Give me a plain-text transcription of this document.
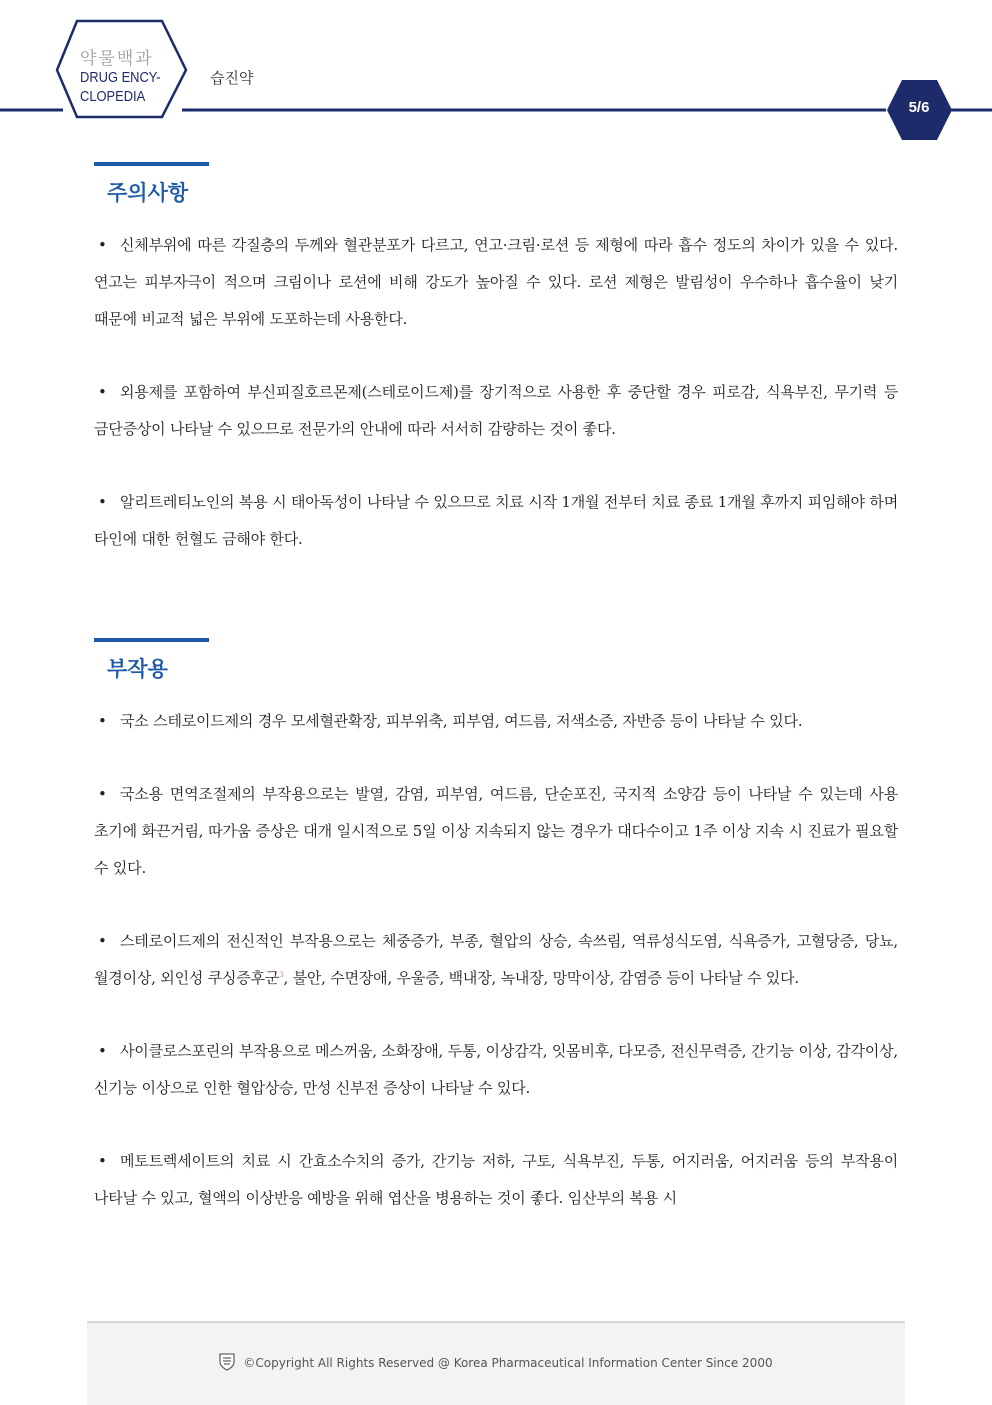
약물백과
DRUG ENCY-
CLOPEDIA
습진약
5/6
주의사항

• 신체부위에 따른 각질층의 두께와 혈관분포가 다르고, 연고·크림·로션 등 제형에 따라 흡수 정도의 차이가 있을 수 있다. 연고는 피부자극이 적으며 크림이나 로션에 비해 강도가 높아질 수 있다. 로션 제형은 발림성이 우수하나 흡수율이 낮기 때문에 비교적 넓은 부위에 도포하는데 사용한다.

• 외용제를 포함하여 부신피질호르몬제(스테로이드제)를 장기적으로 사용한 후 중단할 경우 피로감, 식욕부진, 무기력 등 금단증상이 나타날 수 있으므로 전문가의 안내에 따라 서서히 감량하는 것이 좋다.

• 알리트레티노인의 복용 시 태아독성이 나타날 수 있으므로 치료 시작 1개월 전부터 치료 종료 1개월 후까지 피임해야 하며 타인에 대한 헌혈도 금해야 한다.

부작용

• 국소 스테로이드제의 경우 모세혈관확장, 피부위축, 피부염, 여드름, 저색소증, 자반증 등이 나타날 수 있다.

• 국소용 면역조절제의 부작용으로는 발열, 감염, 피부염, 여드름, 단순포진, 국지적 소양감 등이 나타날 수 있는데 사용 초기에 화끈거림, 따가움 증상은 대개 일시적으로 5일 이상 지속되지 않는 경우가 대다수이고 1주 이상 지속 시 진료가 필요할 수 있다.

• 스테로이드제의 전신적인 부작용으로는 체중증가, 부종, 혈압의 상승, 속쓰림, 역류성식도염, 식욕증가, 고혈당증, 당뇨, 월경이상, 외인성 쿠싱증후군$^3$, 불안, 수면장애, 우울증, 백내장, 녹내장, 망막이상, 감염증 등이 나타날 수 있다.

• 사이클로스포린의 부작용으로 메스꺼움, 소화장애, 두통, 이상감각, 잇몸비후, 다모증, 전신무력증, 간기능 이상, 감각이상, 신기능 이상으로 인한 혈압상승, 만성 신부전 증상이 나타날 수 있다.

• 메토트렉세이트의 치료 시 간효소수치의 증가, 간기능 저하, 구토, 식욕부진, 두통, 어지러움, 어지러움 등의 부작용이 나타날 수 있고, 혈액의 이상반응 예방을 위해 엽산을 병용하는 것이 좋다. 임산부의 복용 시

©Copyright All Rights Reserved @ Korea Pharmaceutical Information Center Since 2000
